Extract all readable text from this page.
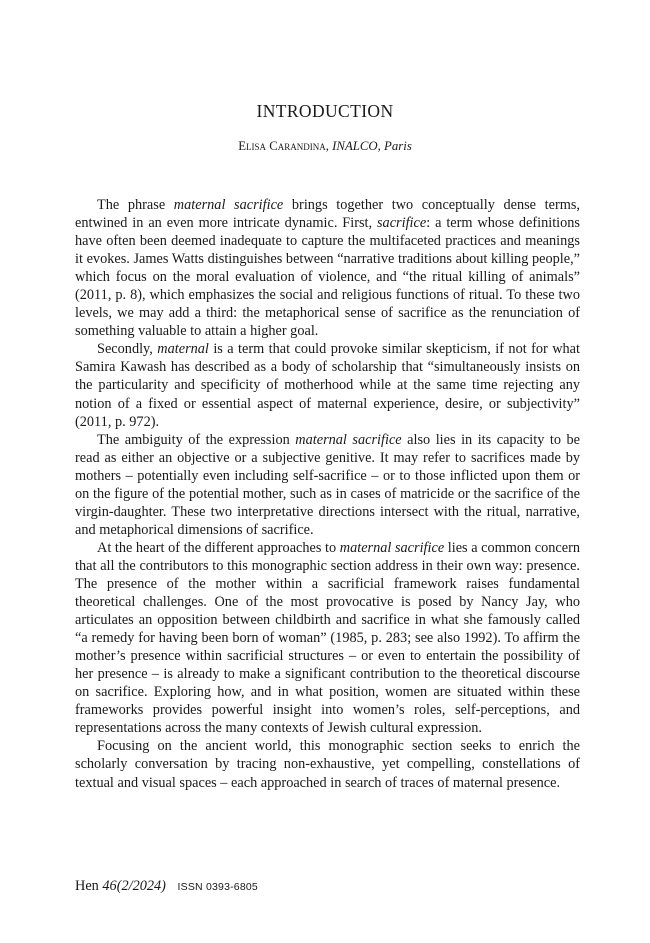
INTRODUCTION
Elisa Carandina, INALCO, Paris

The phrase maternal sacrifice brings together two conceptually dense terms, entwined in an even more intricate dynamic. First, sacrifice: a term whose definitions have often been deemed inadequate to capture the multifaceted practices and meanings it evokes. James Watts distinguishes between “narrative traditions about killing people,” which focus on the moral evaluation of violence, and “the ritual killing of animals” (2011, p. 8), which emphasizes the social and religious functions of ritual. To these two levels, we may add a third: the metaphorical sense of sacrifice as the renunciation of something valuable to attain a higher goal.

Secondly, maternal is a term that could provoke similar skepticism, if not for what Samira Kawash has described as a body of scholarship that “simultaneously insists on the particularity and specificity of motherhood while at the same time rejecting any notion of a fixed or essential aspect of maternal experience, desire, or subjectivity” (2011, p. 972).

The ambiguity of the expression maternal sacrifice also lies in its capacity to be read as either an objective or a subjective genitive. It may refer to sacrifices made by mothers – potentially even including self-sacrifice – or to those inflicted upon them or on the figure of the potential mother, such as in cases of matricide or the sacrifice of the virgin-daughter. These two interpretative directions intersect with the ritual, narrative, and metaphorical dimensions of sacrifice.

At the heart of the different approaches to maternal sacrifice lies a common concern that all the contributors to this monographic section address in their own way: presence. The presence of the mother within a sacrificial framework raises fundamental theoretical challenges. One of the most provocative is posed by Nancy Jay, who articulates an opposition between childbirth and sacrifice in what she famously called “a remedy for having been born of woman” (1985, p. 283; see also 1992). To affirm the mother’s presence within sacrificial structures – or even to entertain the possibility of her presence – is already to make a significant contribution to the theoretical discourse on sacrifice. Exploring how, and in what position, women are situated within these frameworks provides powerful insight into women’s roles, self-perceptions, and representations across the many contexts of Jewish cultural expression.

Focusing on the ancient world, this monographic section seeks to enrich the scholarly conversation by tracing non-exhaustive, yet compelling, constellations of textual and visual spaces – each approached in search of traces of maternal presence.

Hen 46(2/2024) ISSN 0393-6805
